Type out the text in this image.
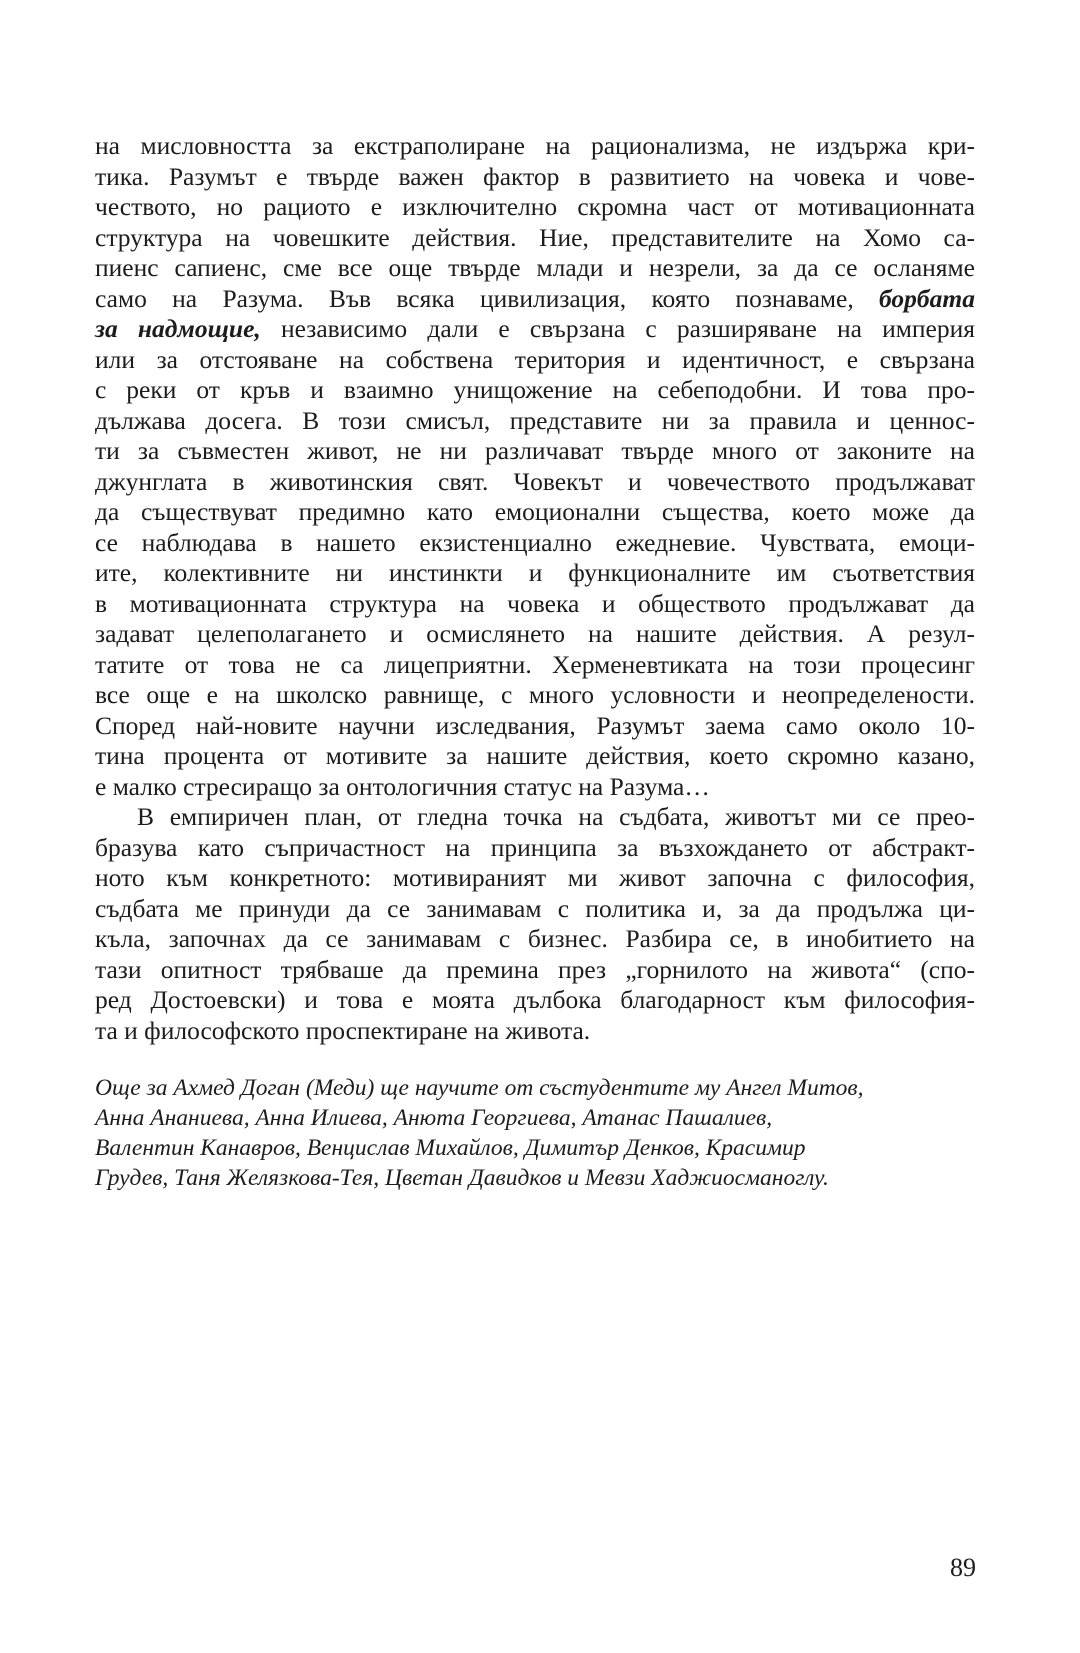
на мисловността за екстраполиране на рационализма, не издържа кри-
тика. Разумът е твърде важен фактор в развитието на човека и чове-
чеството, но рациото е изключително скромна част от мотивационната
структура на човешките действия. Ние, представителите на Хомо са-
пиенс сапиенс, сме все още твърде млади и незрели, за да се осланяме
само на Разума. Във всяка цивилизация, която познаваме, борбата
за надмощие, независимо дали е свързана с разширяване на империя
или за отстояване на собствена територия и идентичност, е свързана
с реки от кръв и взаимно унищожение на себеподобни. И това про-
дължава досега. В този смисъл, представите ни за правила и ценнос-
ти за съвместен живот, не ни различават твърде много от законите на
джунглата в животинския свят. Човекът и човечеството продължават
да съществуват предимно като емоционални същества, което може да
се наблюдава в нашето екзистенциално ежедневие. Чувствата, емоци-
ите, колективните ни инстинкти и функционалните им съответствия
в мотивационната структура на човека и обществото продължават да
задават целеполагането и осмислянето на нашите действия. А резул-
татите от това не са лицеприятни. Херменевтиката на този процесинг
все още е на школско равнище, с много условности и неопределености.
Според най-новите научни изследвания, Разумът заема само около 10-
тина процента от мотивите за нашите действия, което скромно казано,
е малко стресиращо за онтологичния статус на Разума…
В емпиричен план, от гледна точка на съдбата, животът ми се прео-
бразува като съпричастност на принципа за възхождането от абстракт-
ното към конкретното: мотивираният ми живот започна с философия,
съдбата ме принуди да се занимавам с политика и, за да продължа ци-
къла, започнах да се занимавам с бизнес. Разбира се, в инобитието на
тази опитност трябваше да премина през „горнилото на живота“ (спо-
ред Достоевски) и това е моята дълбока благодарност към философия-
та и философското проспектиране на живота.
Още за Ахмед Доган (Меди) ще научите от състудентите му Ангел Митов,
Анна Ананиева, Анна Илиева, Анюта Георгиева, Атанас Пашалиев,
Валентин Канавров, Венцислав Михайлов, Димитър Денков, Красимир
Грудев, Таня Желязкова-Тея, Цветан Давидков и Мевзи Хаджиосманоглу.
89
